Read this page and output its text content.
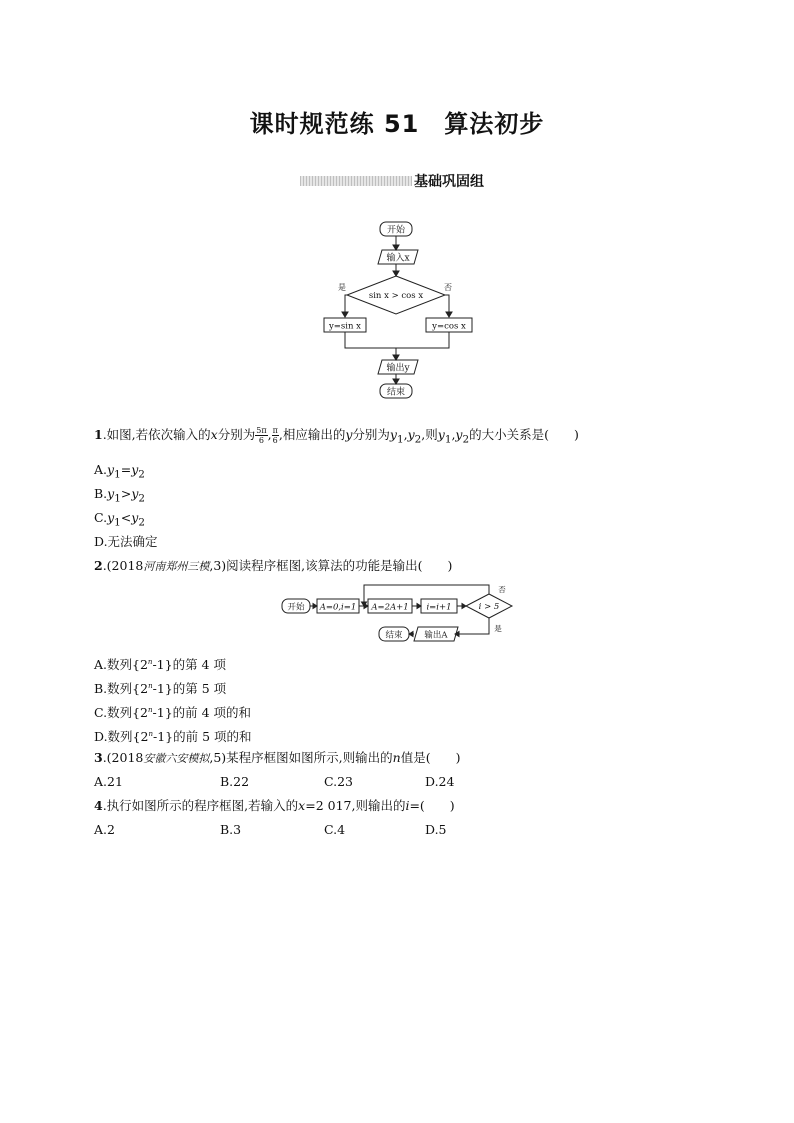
课时规范练 51　算法初步
基础巩固组
开始
输入x
sin x > cos x
是	否
y=sin x	y=cos x
输出y
结束
1.如图,若依次输入的x分别为 $\frac{5\pi}{6}$ , $\frac{\pi}{6}$ ,相应输出的y分别为$y_1,y_2$,则$y_1,y_2$的大小关系是(　　)
$A.y_1=y_2$
$B.y_1>y_2$
$C.y_1<y_2$
D.无法确定
2.(2018河南郑州三模,3)阅读程序框图,该算法的功能是输出(　　)
开始 A=0,i=1 A=2A+1 i=i+1	i > 5
否
是
输出A
结束
A.数列{2$^n$-1}的第 4 项
B.数列{2$^n$-1}的第 5 项
C.数列{2$^n$-1}的前 4 项的和
D.数列{2$^n$-1}的前 5 项的和
3.(2018安徽六安模拟,5)某程序框图如图所示,则输出的n值是(　　)
A.21	B.22	C.23	D.24
4.执行如图所示的程序框图,若输入的x=2 017,则输出的i=(　　)
A.2	B.3	C.4	D.5
